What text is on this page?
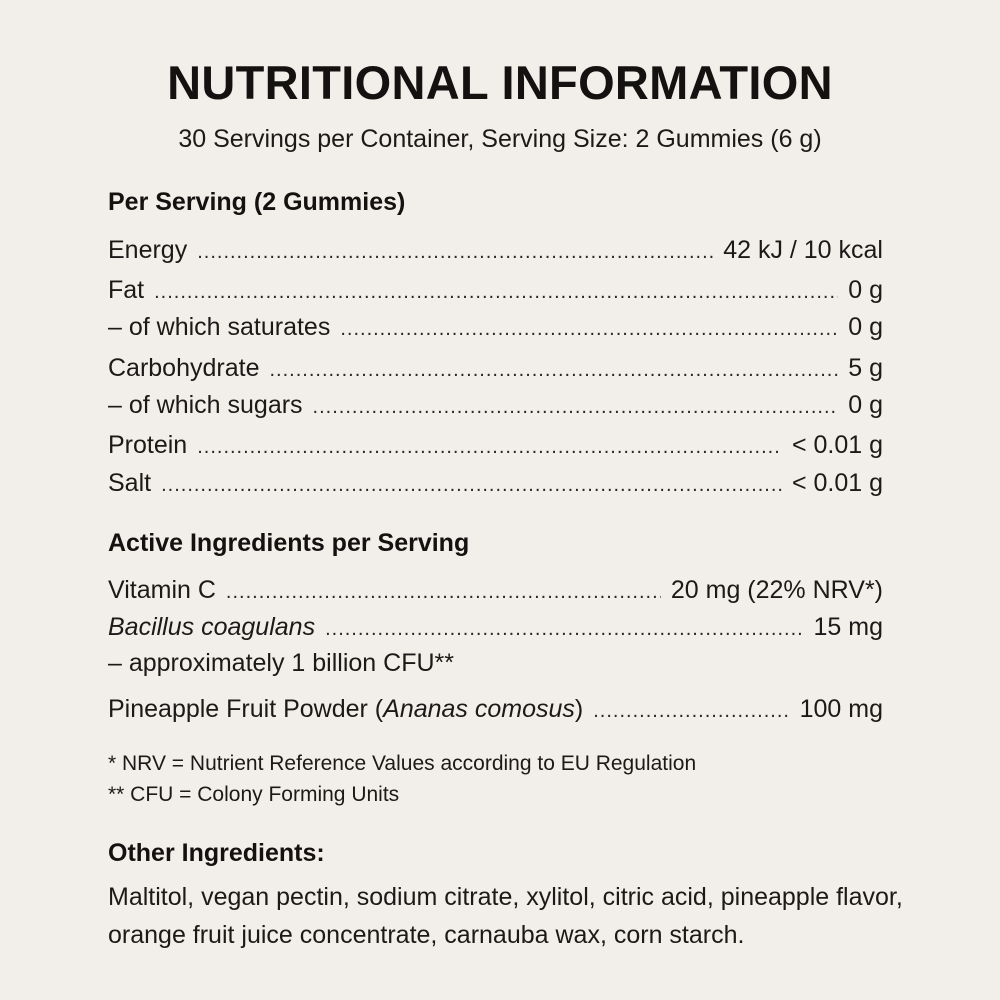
NUTRITIONAL INFORMATION
30 Servings per Container, Serving Size: 2 Gummies (6 g)
Per Serving (2 Gummies)
Energy .....	42 kJ / 10 kcal
Fat .....	0 g
– of which saturates .....	0 g
Carbohydrate .....	5 g
– of which sugars .....	0 g
Protein .....	< 0.01 g
Salt .....	< 0.01 g
Active Ingredients per Serving
Vitamin C .....	20 mg (22% NRV*)
Bacillus coagulans .....	15 mg
– approximately 1 billion CFU**
Pineapple Fruit Powder (Ananas comosus) .....	100 mg
* NRV = Nutrient Reference Values according to EU Regulation
** CFU = Colony Forming Units
Other Ingredients:
Maltitol, vegan pectin, sodium citrate, xylitol, citric acid, pineapple flavor, orange fruit juice concentrate, carnauba wax, corn starch.
